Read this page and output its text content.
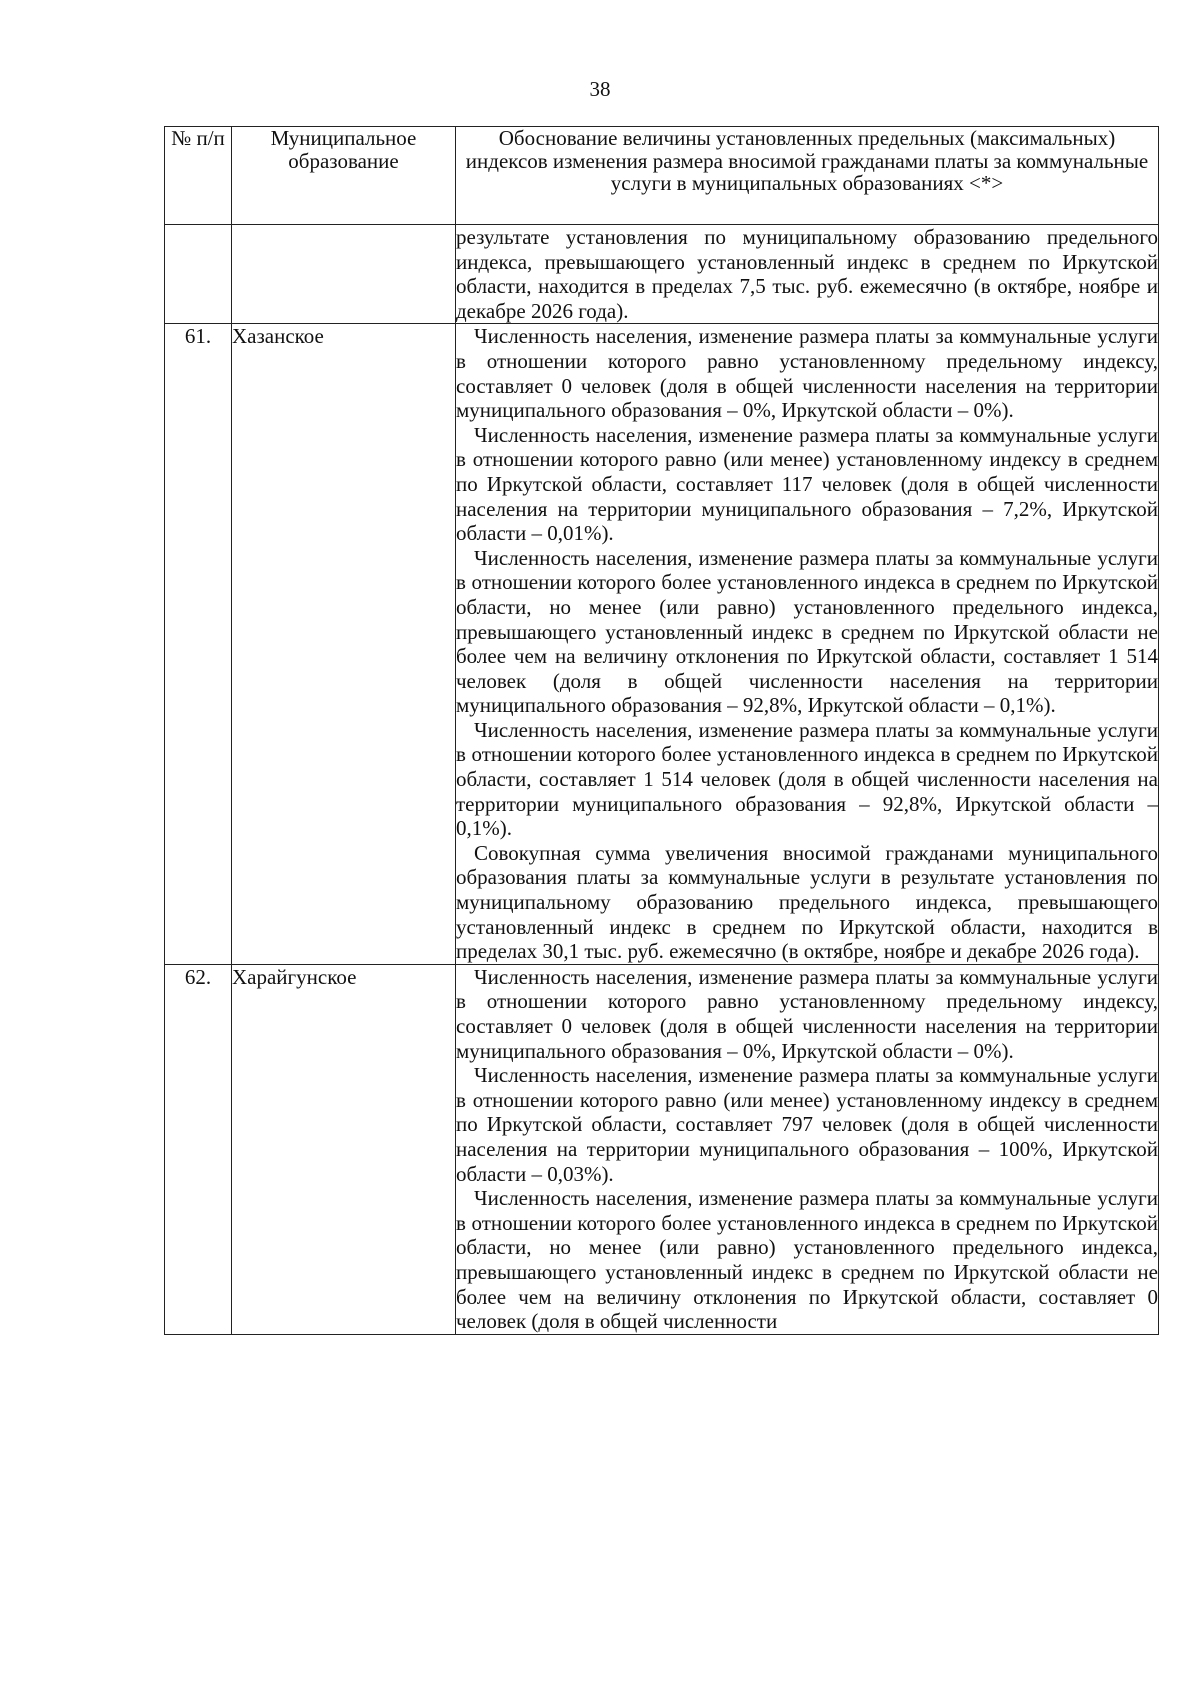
38
№ п/п	Муниципальное образование	Обоснование величины установленных предельных (максимальных) индексов изменения размера вносимой гражданами платы за коммунальные услуги в муниципальных образованиях <*>

		результате установления по муниципальному образованию предельного индекса, превышающего установленный индекс в среднем по Иркутской области, находится в пределах 7,5 тыс. руб. ежемесячно (в октябре, ноябре и декабре 2026 года).

61.	Хазанское	Численность населения, изменение размера платы за коммунальные услуги в отношении которого равно установленному предельному индексу, составляет 0 человек (доля в общей численности населения на территории муниципального образования – 0%, Иркутской области – 0%).

Численность населения, изменение размера платы за коммунальные услуги в отношении которого равно (или менее) установленному индексу в среднем по Иркутской области, составляет 117 человек (доля в общей численности населения на территории муниципального образования – 7,2%, Иркутской области – 0,01%).

Численность населения, изменение размера платы за коммунальные услуги в отношении которого более установленного индекса в среднем по Иркутской области, но менее (или равно) установленного предельного индекса, превышающего установленный индекс в среднем по Иркутской области не более чем на величину отклонения по Иркутской области, составляет 1 514 человек (доля в общей численности населения на территории муниципального образования – 92,8%, Иркутской области – 0,1%).

Численность населения, изменение размера платы за коммунальные услуги в отношении которого более установленного индекса в среднем по Иркутской области, составляет 1 514 человек (доля в общей численности населения на территории муниципального образования – 92,8%, Иркутской области – 0,1%).

Совокупная сумма увеличения вносимой гражданами муниципального образования платы за коммунальные услуги в результате установления по муниципальному образованию предельного индекса, превышающего установленный индекс в среднем по Иркутской области, находится в пределах 30,1 тыс. руб. ежемесячно (в октябре, ноябре и декабре 2026 года).

62.	Харайгунское	Численность населения, изменение размера платы за коммунальные услуги в отношении которого равно установленному предельному индексу, составляет 0 человек (доля в общей численности населения на территории муниципального образования – 0%, Иркутской области – 0%).

Численность населения, изменение размера платы за коммунальные услуги в отношении которого равно (или менее) установленному индексу в среднем по Иркутской области, составляет 797 человек (доля в общей численности населения на территории муниципального образования – 100%, Иркутской области – 0,03%).

Численность населения, изменение размера платы за коммунальные услуги в отношении которого более установленного индекса в среднем по Иркутской области, но менее (или равно) установленного предельного индекса, превышающего установленный индекс в среднем по Иркутской области не более чем на величину отклонения по Иркутской области, составляет 0 человек (доля в общей численности
